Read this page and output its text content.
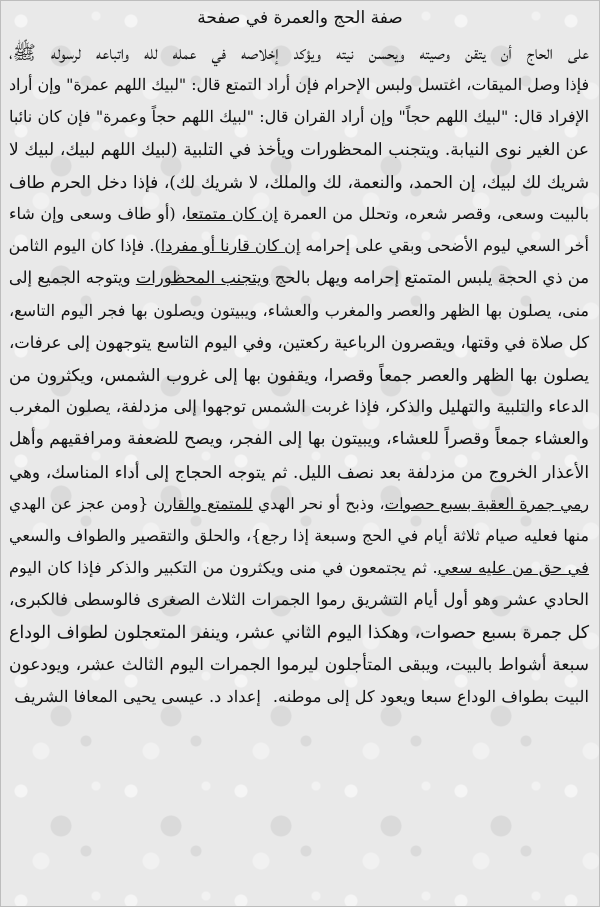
صفة الحج والعمرة في صفحة
على الحاج أن يتقن وصيته ويحسن نيته ويؤكد إخلاصه في عمله لله واتباعه لرسوله ﷺ،
فإذا وصل الميقات، اغتسل ولبس الإحرام فإن أراد التمتع قال: "لبيك اللهم عمرة" وإن أراد
الإفراد قال: "لبيك اللهم حجاً" وإن أراد القران قال: "لبيك اللهم حجاً وعمرة" فإن كان نائبا
عن الغير نوى النيابة. ويتجنب المحظورات ويأخذ في التلبية (لبيك اللهم لبيك، لبيك لا
شريك لك لبيك، إن الحمد، والنعمة، لك والملك، لا شريك لك)، فإذا دخل الحرم طاف
بالبيت وسعى، وقصر شعره، وتحلل من العمرة إن كان متمتعا، (أو طاف وسعى وإن شاء
أخر السعي ليوم الأضحى وبقي على إحرامه إن كان قارنا أو مفردا). فإذا كان اليوم الثامن
من ذي الحجة يلبس المتمتع إحرامه ويهل بالحج ويتجنب المحظورات ويتوجه الجميع إلى
منى، يصلون بها الظهر والعصر والمغرب والعشاء، ويبيتون ويصلون بها فجر اليوم التاسع،
كل صلاة في وقتها، ويقصرون الرباعية ركعتين، وفي اليوم التاسع يتوجهون إلى عرفات،
يصلون بها الظهر والعصر جمعاً وقصرا، ويقفون بها إلى غروب الشمس، ويكثرون من
الدعاء والتلبية والتهليل والذكر، فإذا غربت الشمس توجهوا إلى مزدلفة، يصلون المغرب
والعشاء جمعاً وقصراً للعشاء، ويبيتون بها إلى الفجر، ويصح للضعفة ومرافقيهم وأهل
الأعذار الخروج من مزدلفة بعد نصف الليل. ثم يتوجه الحجاج إلى أداء المناسك، وهي
رمي جمرة العقبة بسبع حصوات، وذبح أو نحر الهدي للمتمتع والقارن {ومن عجز عن الهدي
منها فعليه صيام ثلاثة أيام في الحج وسبعة إذا رجع}، والحلق والتقصير والطواف والسعي
في حق من عليه سعي. ثم يجتمعون في منى ويكثرون من التكبير والذكر فإذا كان اليوم
الحادي عشر وهو أول أيام التشريق رموا الجمرات الثلاث الصغرى فالوسطى فالكبرى،
كل جمرة بسبع حصوات، وهكذا اليوم الثاني عشر، وينفر المتعجلون لطواف الوداع
سبعة أشواط بالبيت، ويبقى المتأجلون ليرموا الجمرات اليوم الثالث عشر، ويودعون
البيت بطواف الوداع سبعا ويعود كل إلى موطنه.إعداد د. عيسى يحيى المعافا الشريف
